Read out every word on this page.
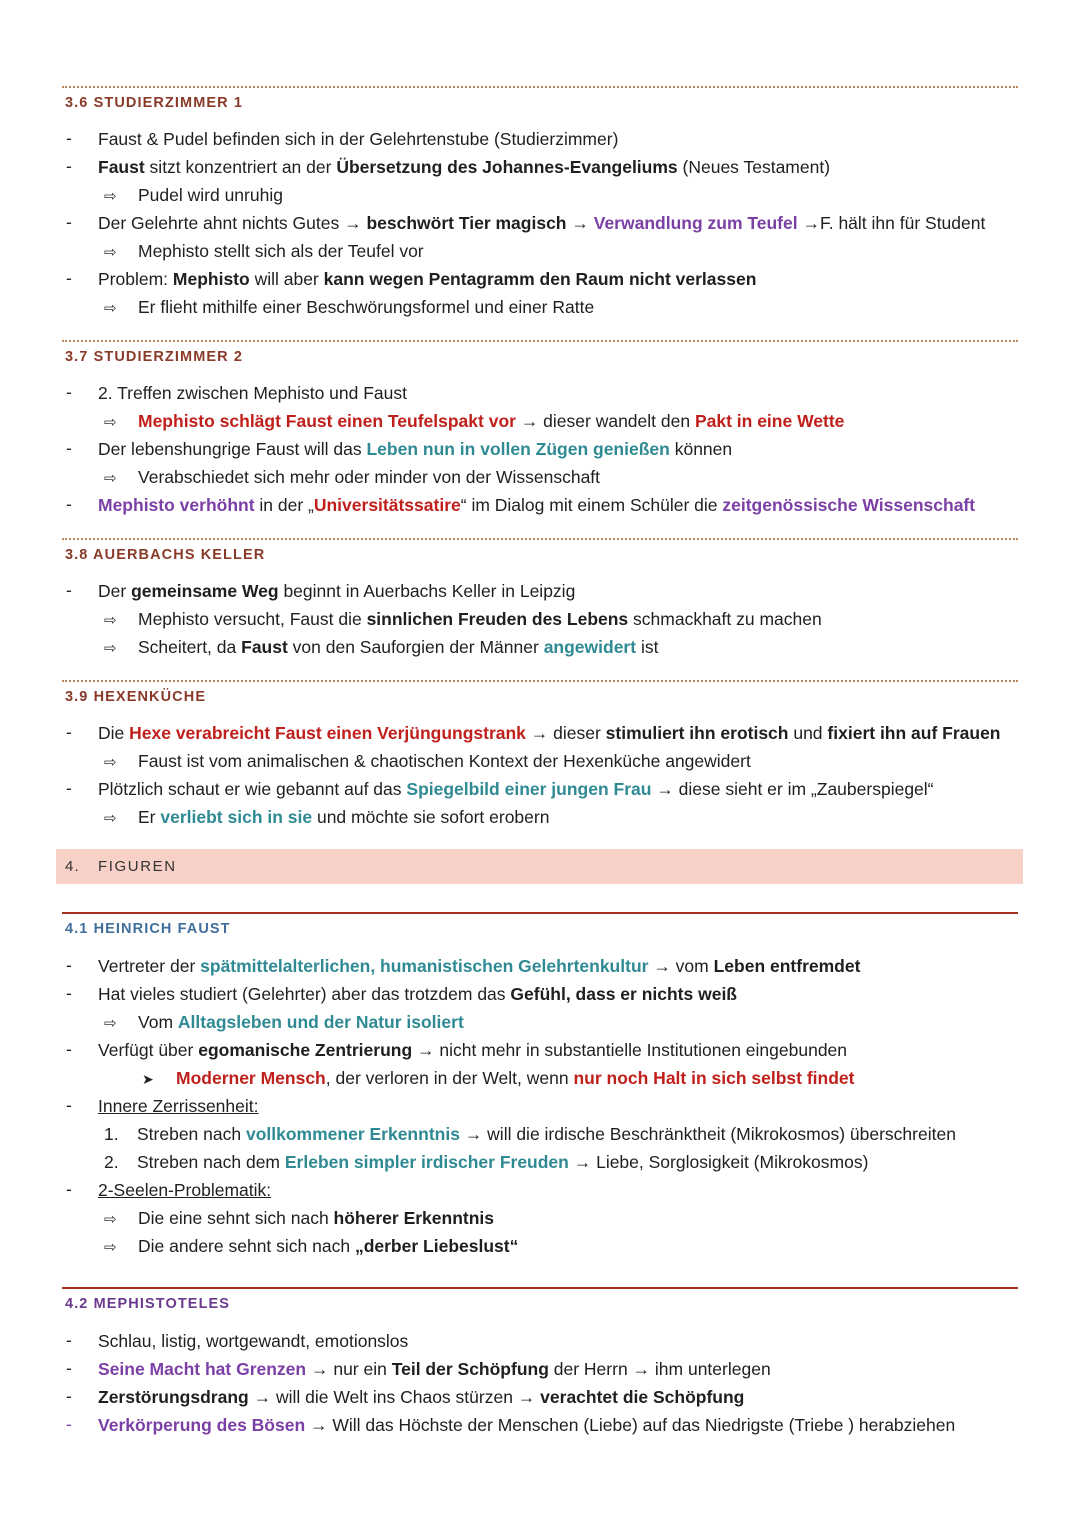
3.6 STUDIERZIMMER 1
- Faust & Pudel befinden sich in der Gelehrtenstube (Studierzimmer)
- Faust sitzt konzentriert an der Übersetzung des Johannes-Evangeliums (Neues Testament)
⇨ Pudel wird unruhig
- Der Gelehrte ahnt nichts Gutes → beschwört Tier magisch → Verwandlung zum Teufel →F. hält ihn für Student
⇨ Mephisto stellt sich als der Teufel vor
- Problem: Mephisto will aber kann wegen Pentagramm den Raum nicht verlassen
⇨ Er flieht mithilfe einer Beschwörungsformel und einer Ratte
3.7 STUDIERZIMMER 2
- 2. Treffen zwischen Mephisto und Faust
⇨ Mephisto schlägt Faust einen Teufelspakt vor → dieser wandelt den Pakt in eine Wette
- Der lebenshungrige Faust will das Leben nun in vollen Zügen genießen können
⇨ Verabschiedet sich mehr oder minder von der Wissenschaft
- Mephisto verhöhnt in der „Universitätssatire“ im Dialog mit einem Schüler die zeitgenössische Wissenschaft
3.8 AUERBACHS KELLER
- Der gemeinsame Weg beginnt in Auerbachs Keller in Leipzig
⇨ Mephisto versucht, Faust die sinnlichen Freuden des Lebens schmackhaft zu machen
⇨ Scheitert, da Faust von den Sauforgien der Männer angewidert ist
3.9 HEXENKÜCHE
- Die Hexe verabreicht Faust einen Verjüngungstrank → dieser stimuliert ihn erotisch und fixiert ihn auf Frauen
⇨ Faust ist vom animalischen & chaotischen Kontext der Hexenküche angewidert
- Plötzlich schaut er wie gebannt auf das Spiegelbild einer jungen Frau → diese sieht er im „Zauberspiegel“
⇨ Er verliebt sich in sie und möchte sie sofort erobern
4. FIGUREN
4.1 HEINRICH FAUST
- Vertreter der spätmittelalterlichen, humanistischen Gelehrtenkultur → vom Leben entfremdet
- Hat vieles studiert (Gelehrter) aber das trotzdem das Gefühl, dass er nichts weiß
⇨ Vom Alltagsleben und der Natur isoliert
- Verfügt über egomanische Zentrierung → nicht mehr in substantielle Institutionen eingebunden
➤ Moderner Mensch, der verloren in der Welt, wenn nur noch Halt in sich selbst findet
- Innere Zerrissenheit:
1. Streben nach vollkommener Erkenntnis → will die irdische Beschränktheit (Mikrokosmos) überschreiten
2. Streben nach dem Erleben simpler irdischer Freuden → Liebe, Sorglosigkeit (Mikrokosmos)
- 2-Seelen-Problematik:
⇨ Die eine sehnt sich nach höherer Erkenntnis
⇨ Die andere sehnt sich nach „derber Liebeslust“
4.2 MEPHISTOTELES
- Schlau, listig, wortgewandt, emotionslos
- Seine Macht hat Grenzen → nur ein Teil der Schöpfung der Herrn → ihm unterlegen
- Zerstörungsdrang → will die Welt ins Chaos stürzen → verachtet die Schöpfung
- Verkörperung des Bösen → Will das Höchste der Menschen (Liebe) auf das Niedrigste (Triebe ) herabziehen
